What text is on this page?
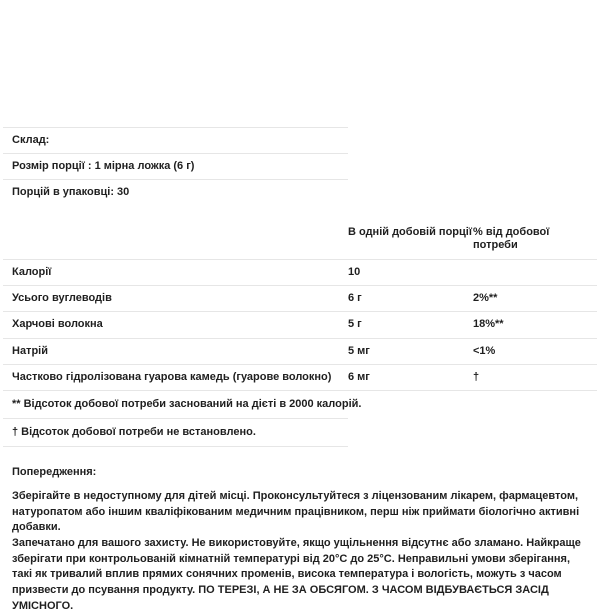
Склад:		
Розмір порції : 1 мірна ложка (6 г)		
Порцій в упаковці: 30		

	В одній добовій порції	% від добової потреби
Калорії	10	
Усього вуглеводів	6 г	2%**
Харчові волокна	5 г	18%**
Натрій	5 мг	<1%
Частково гідролізована гуарова камедь (гуарове волокно)	6 мг	†
** Відсоток добової потреби заснований на дієті в 2000 калорій.		
† Відсоток добової потреби не встановлено.		

Попередження:

Зберігайте в недоступному для дітей місці. Проконсультуйтеся з ліцензованим лікарем, фармацевтом, натуропатом або іншим кваліфікованим медичним працівником, перш ніж приймати біологічно активні добавки.

Запечатано для вашого захисту. Не використовуйте, якщо ущільнення відсутнє або зламано. Найкраще зберігати при контрольованій кімнатній температурі від 20°C до 25°C. Неправильні умови зберігання, такі як тривалий вплив прямих сонячних променів, висока температура і вологість, можуть з часом призвести до псування продукту. ПО ТЕРЕЗІ, А НЕ ЗА ОБСЯГОМ. З ЧАСОМ ВІДБУВАЄТЬСЯ ЗАСІД УМІСНОГО.
